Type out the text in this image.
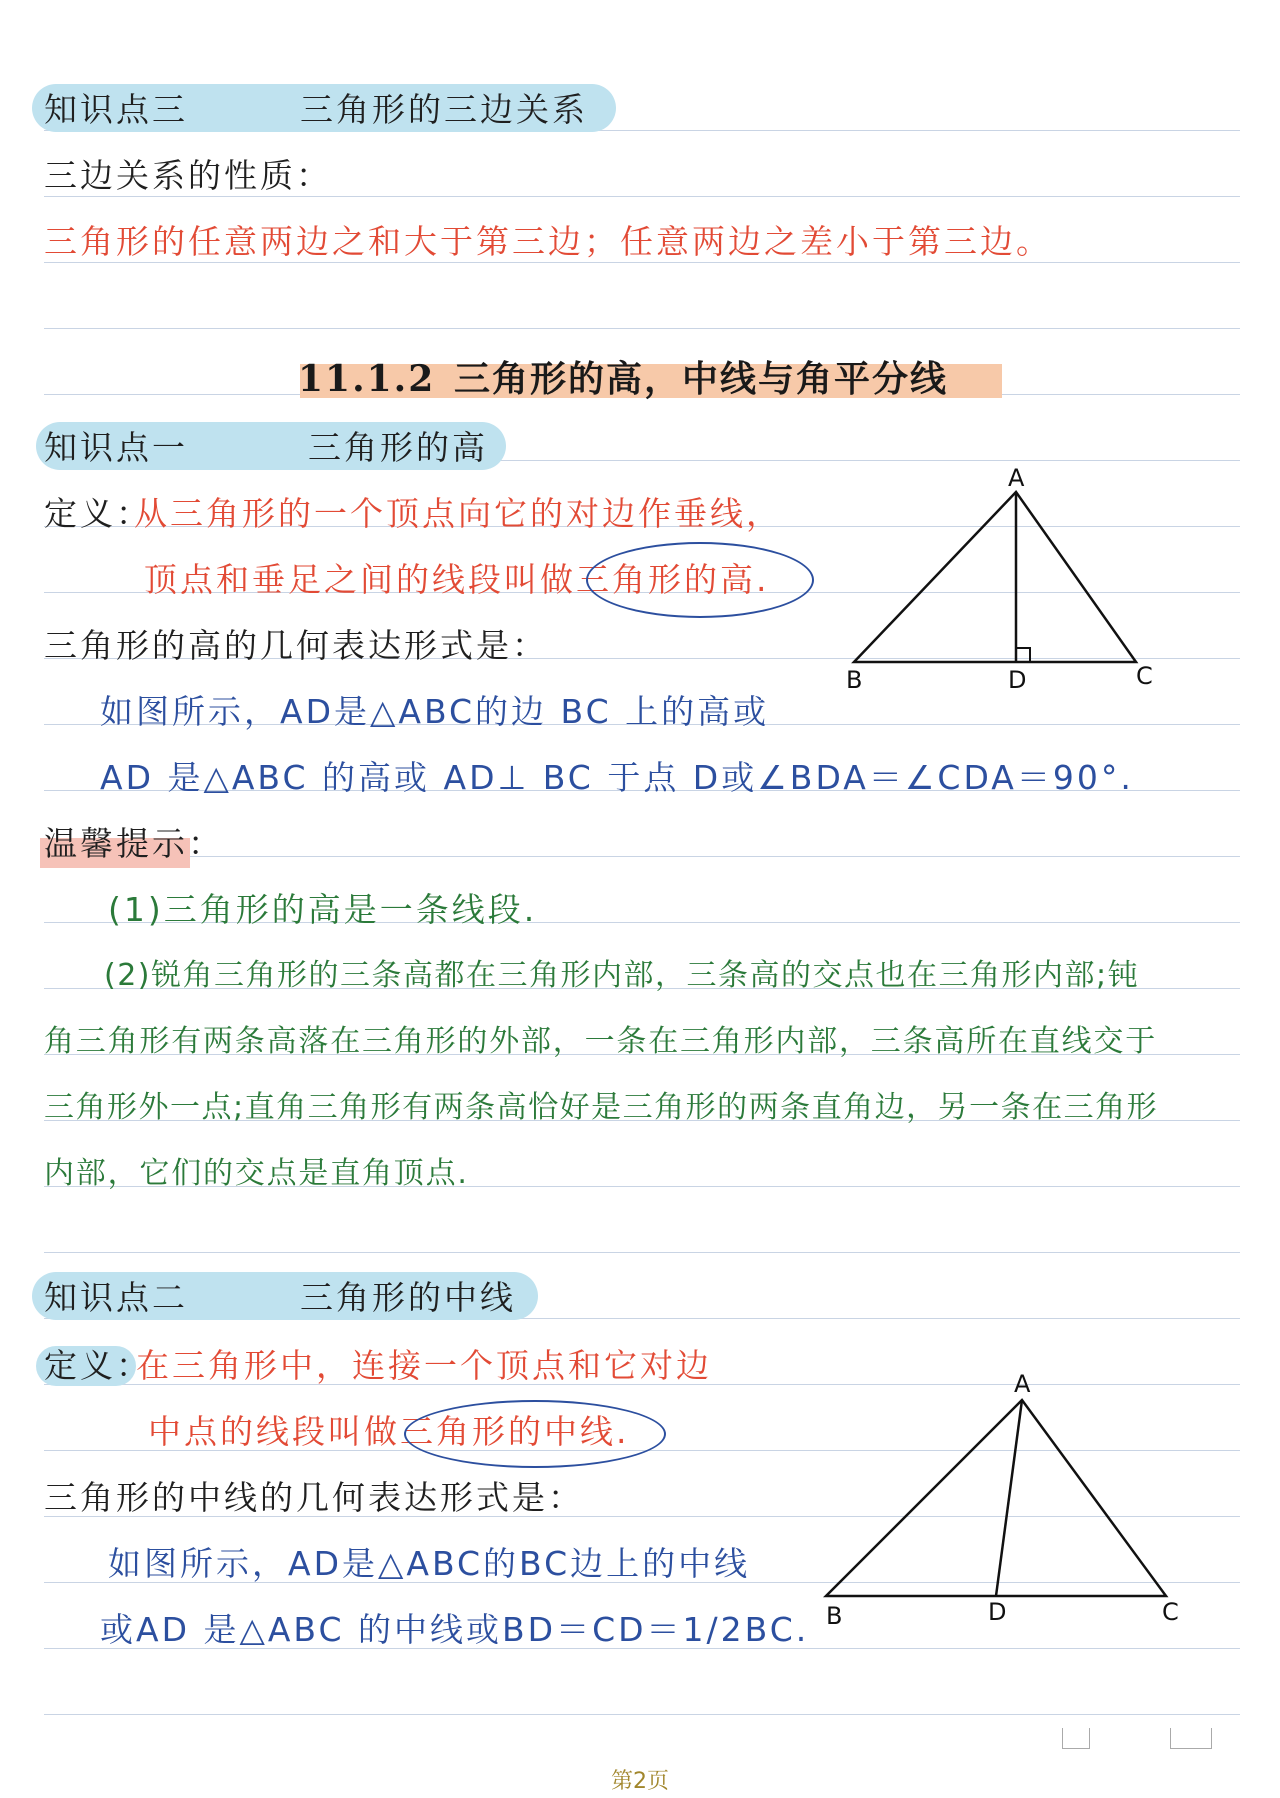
知识点三	三角形的三边关系
三边关系的性质：
三角形的任意两边之和大于第三边；任意两边之差小于第三边。
11.1.2 三角形的高，中线与角平分线
知识点一	三角形的高
定义：
从三角形的一个顶点向它的对边作垂线，
顶点和垂足之间的线段叫做三角形的高.
三角形的高的几何表达形式是：
如图所示，AD是△ABC的边 BC 上的高或
AD 是△ABC 的高或 AD⊥ BC 于点 D或∠BDA＝∠CDA＝90°.
A
B	D	C
温馨提示：
(1)三角形的高是一条线段.
(2)锐角三角形的三条高都在三角形内部，三条高的交点也在三角形内部;钝
角三角形有两条高落在三角形的外部，一条在三角形内部，三条高所在直线交于
三角形外一点;直角三角形有两条高恰好是三角形的两条直角边，另一条在三角形
内部，它们的交点是直角顶点.
知识点二	三角形的中线
定义：
在三角形中，连接一个顶点和它对边
中点的线段叫做三角形的中线.
三角形的中线的几何表达形式是：
如图所示，AD是△ABC的BC边上的中线
或AD 是△ABC 的中线或BD＝CD＝1/2BC.
A
B	D	C
第2页
